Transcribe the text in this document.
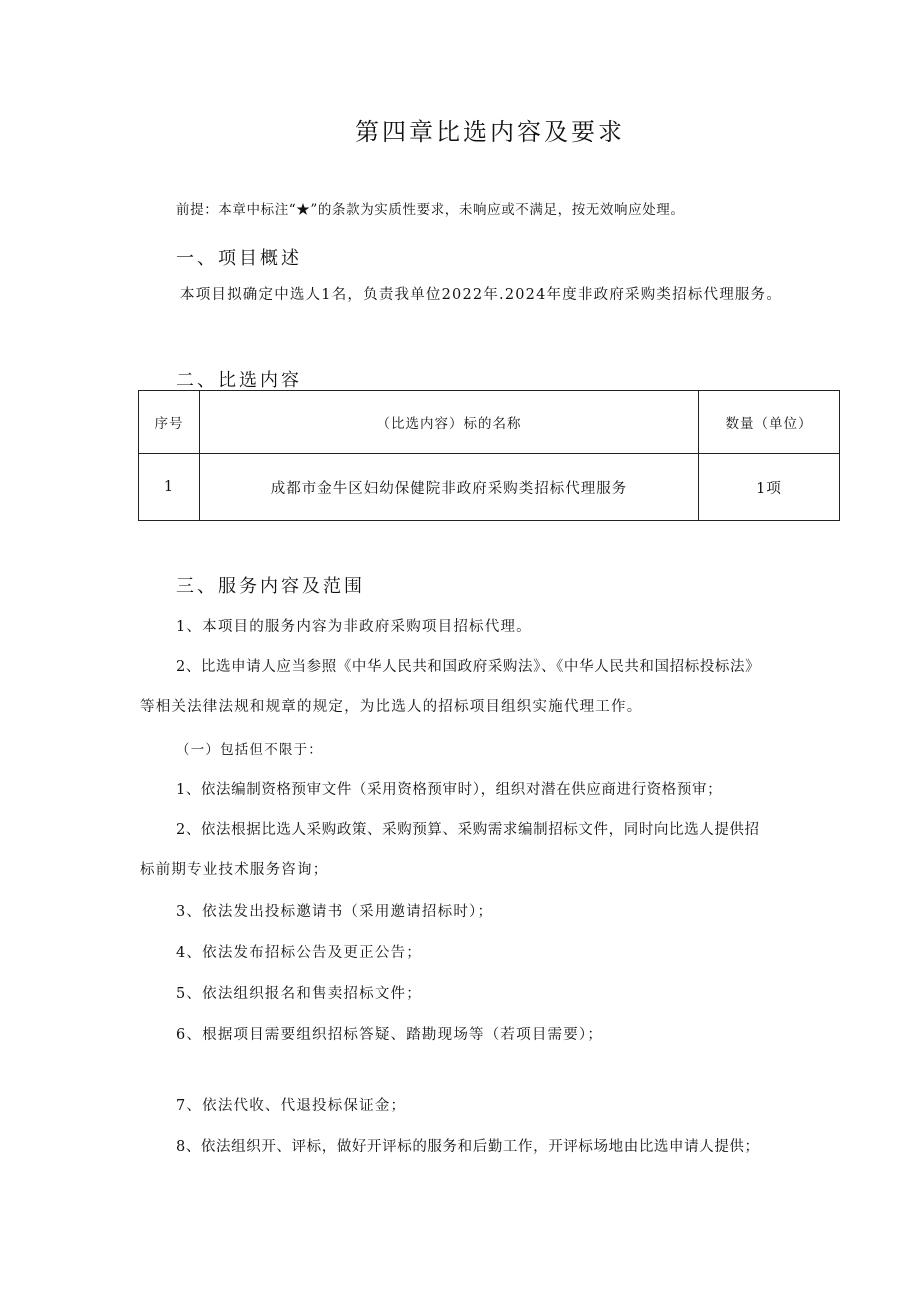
第四章比选内容及要求
前提：本章中标注“★”的条款为实质性要求，未响应或不满足，按无效响应处理。
一、项目概述
本项目拟确定中选人1名，负责我单位2022年.2024年度非政府采购类招标代理服务。
二、比选内容
序号	（比选内容）标的名称	数量（单位）
1	成都市金牛区妇幼保健院非政府采购类招标代理服务	1项
三、服务内容及范围
1、本项目的服务内容为非政府采购项目招标代理。
2、比选申请人应当参照《中华人民共和国政府采购法》、《中华人民共和国招标投标法》
等相关法律法规和规章的规定，为比选人的招标项目组织实施代理工作。
（一）包括但不限于：
1、依法编制资格预审文件（采用资格预审时），组织对潜在供应商进行资格预审；
2、依法根据比选人采购政策、采购预算、采购需求编制招标文件，同时向比选人提供招
标前期专业技术服务咨询；
3、依法发出投标邀请书（采用邀请招标时）；
4、依法发布招标公告及更正公告；
5、依法组织报名和售卖招标文件；
6、根据项目需要组织招标答疑、踏勘现场等（若项目需要）；
7、依法代收、代退投标保证金；
8、依法组织开、评标，做好开评标的服务和后勤工作，开评标场地由比选申请人提供；
